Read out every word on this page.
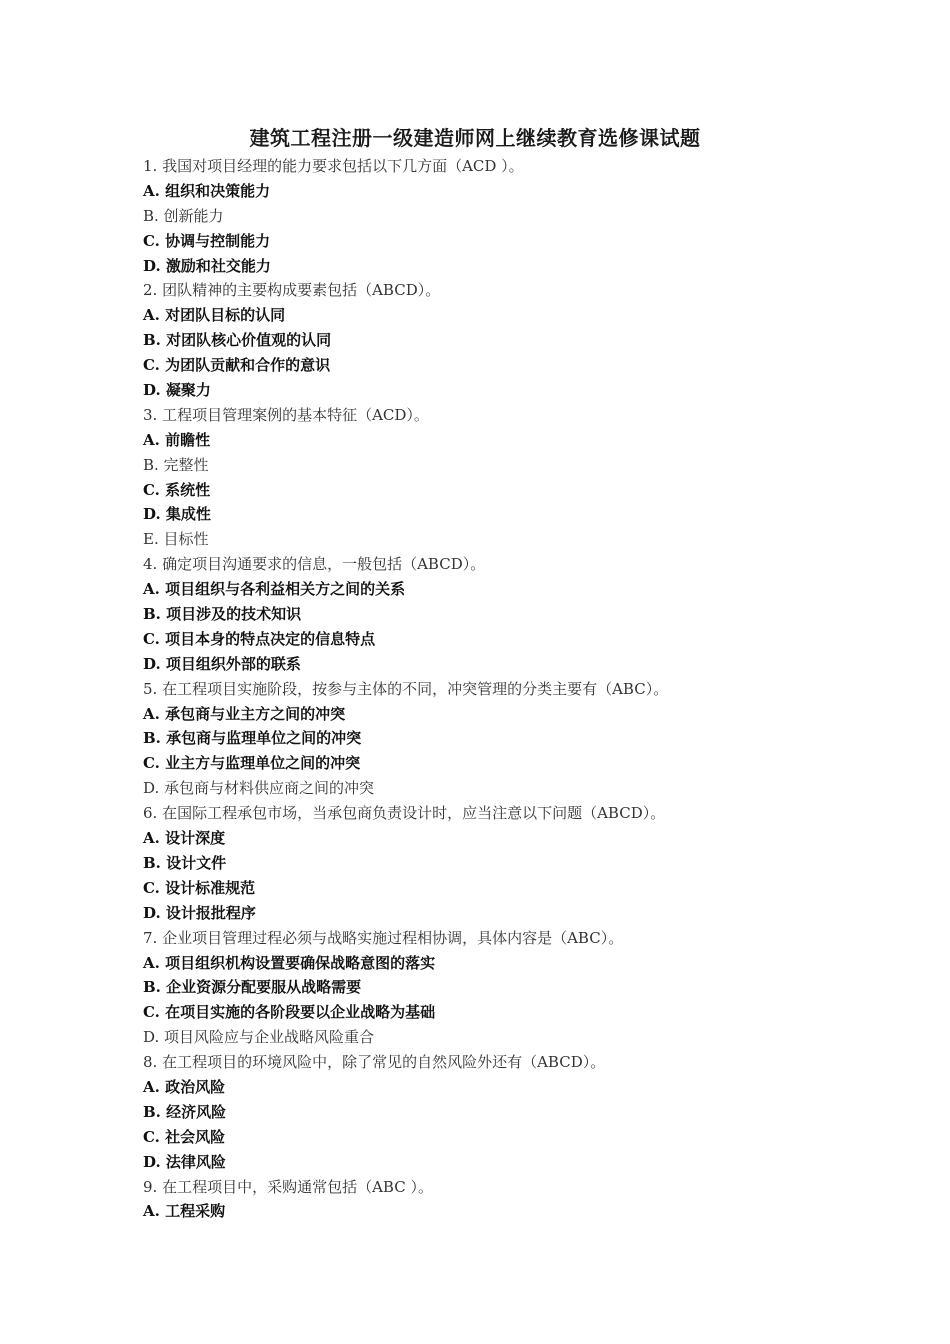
建筑工程注册一级建造师网上继续教育选修课试题
1. 我国对项目经理的能力要求包括以下几方面（ACD ）。
A. 组织和决策能力
B. 创新能力
C. 协调与控制能力
D. 激励和社交能力
2. 团队精神的主要构成要素包括（ABCD）。
A. 对团队目标的认同
B. 对团队核心价值观的认同
C. 为团队贡献和合作的意识
D. 凝聚力
3. 工程项目管理案例的基本特征（ACD）。
A. 前瞻性
B. 完整性
C. 系统性
D. 集成性
E. 目标性
4. 确定项目沟通要求的信息，一般包括（ABCD）。
A. 项目组织与各利益相关方之间的关系
B. 项目涉及的技术知识
C. 项目本身的特点决定的信息特点
D. 项目组织外部的联系
5. 在工程项目实施阶段，按参与主体的不同，冲突管理的分类主要有（ABC）。
A. 承包商与业主方之间的冲突
B. 承包商与监理单位之间的冲突
C. 业主方与监理单位之间的冲突
D. 承包商与材料供应商之间的冲突
6. 在国际工程承包市场，当承包商负责设计时，应当注意以下问题（ABCD）。
A. 设计深度
B. 设计文件
C. 设计标准规范
D. 设计报批程序
7. 企业项目管理过程必须与战略实施过程相协调，具体内容是（ABC）。
A. 项目组织机构设置要确保战略意图的落实
B. 企业资源分配要服从战略需要
C. 在项目实施的各阶段要以企业战略为基础
D. 项目风险应与企业战略风险重合
8. 在工程项目的环境风险中，除了常见的自然风险外还有（ABCD）。
A. 政治风险
B. 经济风险
C. 社会风险
D. 法律风险
9. 在工程项目中，采购通常包括（ABC ）。
A. 工程采购
